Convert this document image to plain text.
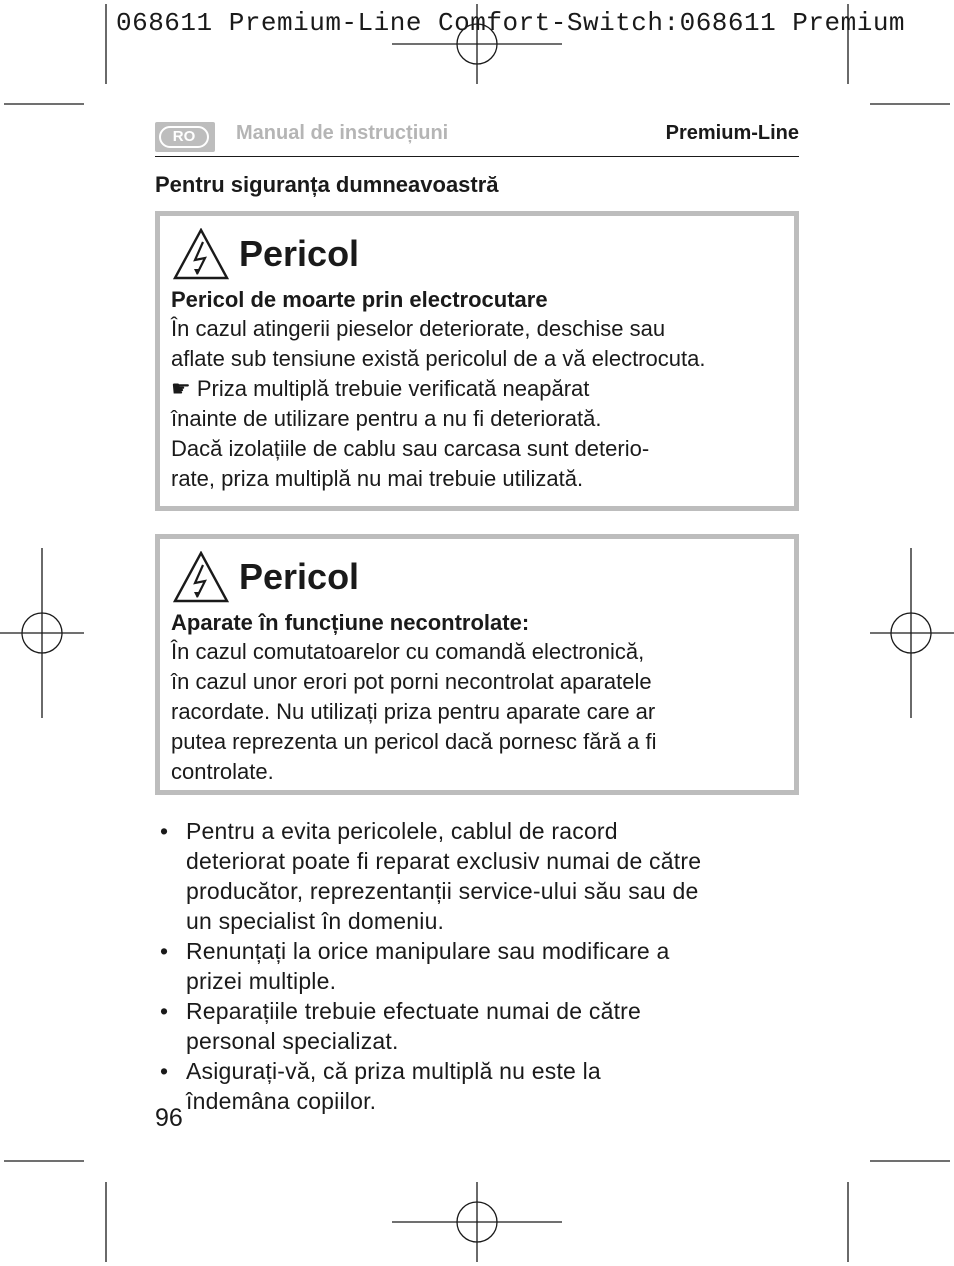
068611 Premium-Line Comfort-Switch:068611 Premium
RO	Manual de instrucțiuni	Premium-Line
Pentru siguranța dumneavoastră
Pericol
Pericol de moarte prin electrocutare
În cazul atingerii pieselor deteriorate, deschise sau
aflate sub tensiune există pericolul de a vă electrocuta.
☛ Priza multiplă trebuie verificată neapărat
înainte de utilizare pentru a nu fi deteriorată.
Dacă izolațiile de cablu sau carcasa sunt deterio-
rate, priza multiplă nu mai trebuie utilizată.
Pericol
Aparate în funcțiune necontrolate:
În cazul comutatoarelor cu comandă electronică,
în cazul unor erori pot porni necontrolat aparatele
racordate. Nu utilizați priza pentru aparate care ar
putea reprezenta un pericol dacă pornesc fără a fi
controlate.
• Pentru a evita pericolele, cablul de racord
deteriorat poate fi reparat exclusiv numai de către
producător, reprezentanții service-ului său sau de
un specialist în domeniu.
• Renunțați la orice manipulare sau modificare a
prizei multiple.
• Reparațiile trebuie efectuate numai de către
personal specializat.
• Asigurați-vă, că priza multiplă nu este la
îndemâna copiilor.
96
